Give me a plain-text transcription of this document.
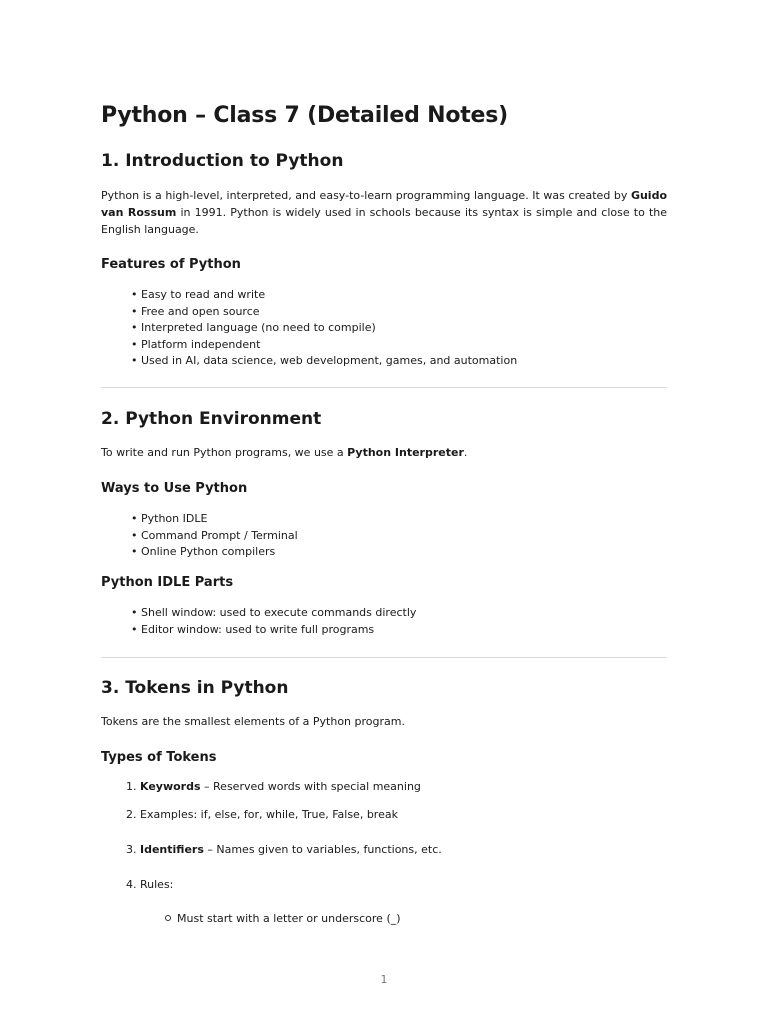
Python – Class 7 (Detailed Notes)
1. Introduction to Python

Python is a high-level, interpreted, and easy-to-learn programming language. It was created by Guido van Rossum in 1991. Python is widely used in schools because its syntax is simple and close to the English language.

Features of Python
• Easy to read and write
• Free and open source
• Interpreted language (no need to compile)
• Platform independent
• Used in AI, data science, web development, games, and automation
2. Python Environment

To write and run Python programs, we use a Python Interpreter.

Ways to Use Python
• Python IDLE
• Command Prompt / Terminal
• Online Python compilers
Python IDLE Parts
• Shell window: used to execute commands directly
• Editor window: used to write full programs
3. Tokens in Python

Tokens are the smallest elements of a Python program.

Types of Tokens
1. Keywords – Reserved words with special meaning
2. Examples: if, else, for, while, True, False, break
3. Identifiers – Names given to variables, functions, etc.
4. Rules:
Must start with a letter or underscore (_)
1
